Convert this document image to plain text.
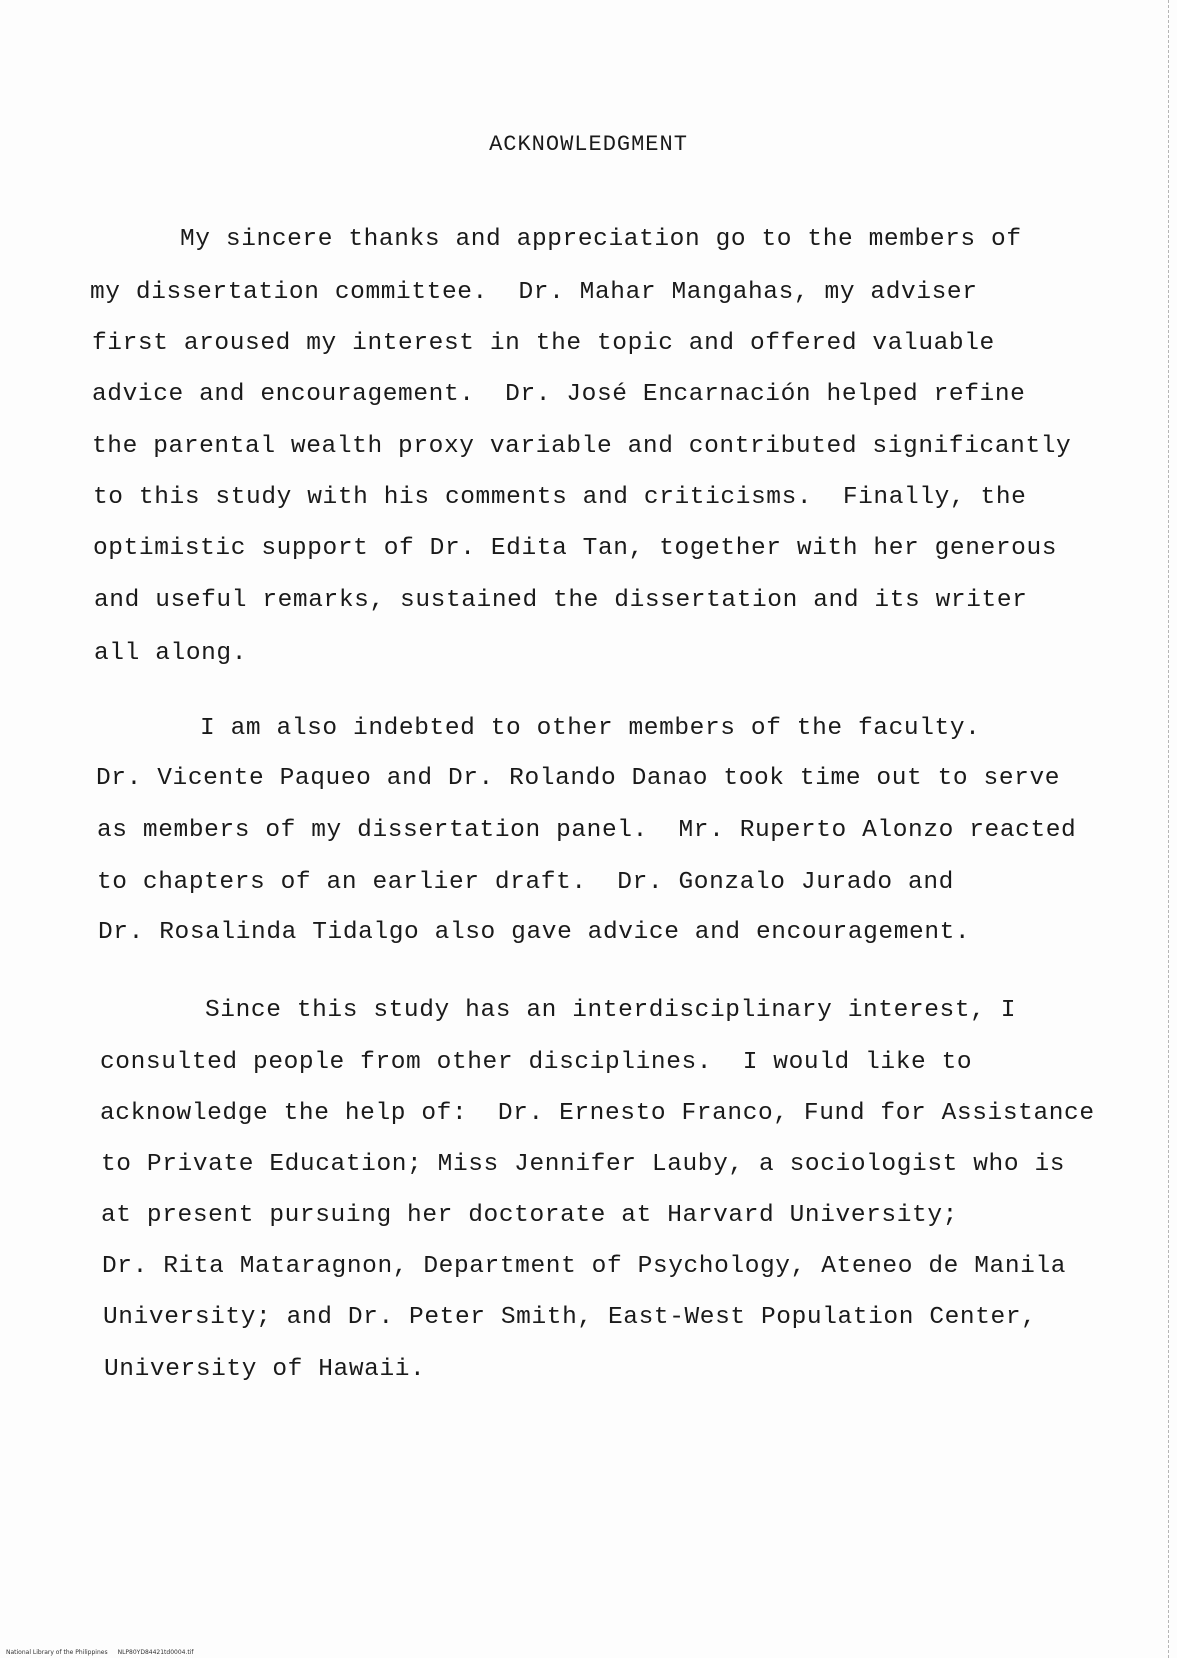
ACKNOWLEDGMENT
My sincere thanks and appreciation go to the members of
my dissertation committee.  Dr. Mahar Mangahas, my adviser
first aroused my interest in the topic and offered valuable
advice and encouragement.  Dr. José Encarnación helped refine
the parental wealth proxy variable and contributed significantly
to this study with his comments and criticisms.  Finally, the
optimistic support of Dr. Edita Tan, together with her generous
and useful remarks, sustained the dissertation and its writer
all along.
I am also indebted to other members of the faculty.
Dr. Vicente Paqueo and Dr. Rolando Danao took time out to serve
as members of my dissertation panel.  Mr. Ruperto Alonzo reacted
to chapters of an earlier draft.  Dr. Gonzalo Jurado and
Dr. Rosalinda Tidalgo also gave advice and encouragement.
Since this study has an interdisciplinary interest, I
consulted people from other disciplines.  I would like to
acknowledge the help of:  Dr. Ernesto Franco, Fund for Assistance
to Private Education; Miss Jennifer Lauby, a sociologist who is
at present pursuing her doctorate at Harvard University;
Dr. Rita Mataragnon, Department of Psychology, Ateneo de Manila
University; and Dr. Peter Smith, East-West Population Center,
University of Hawaii.
National Library of the Philippines NLP80YD84421td0004.tif
